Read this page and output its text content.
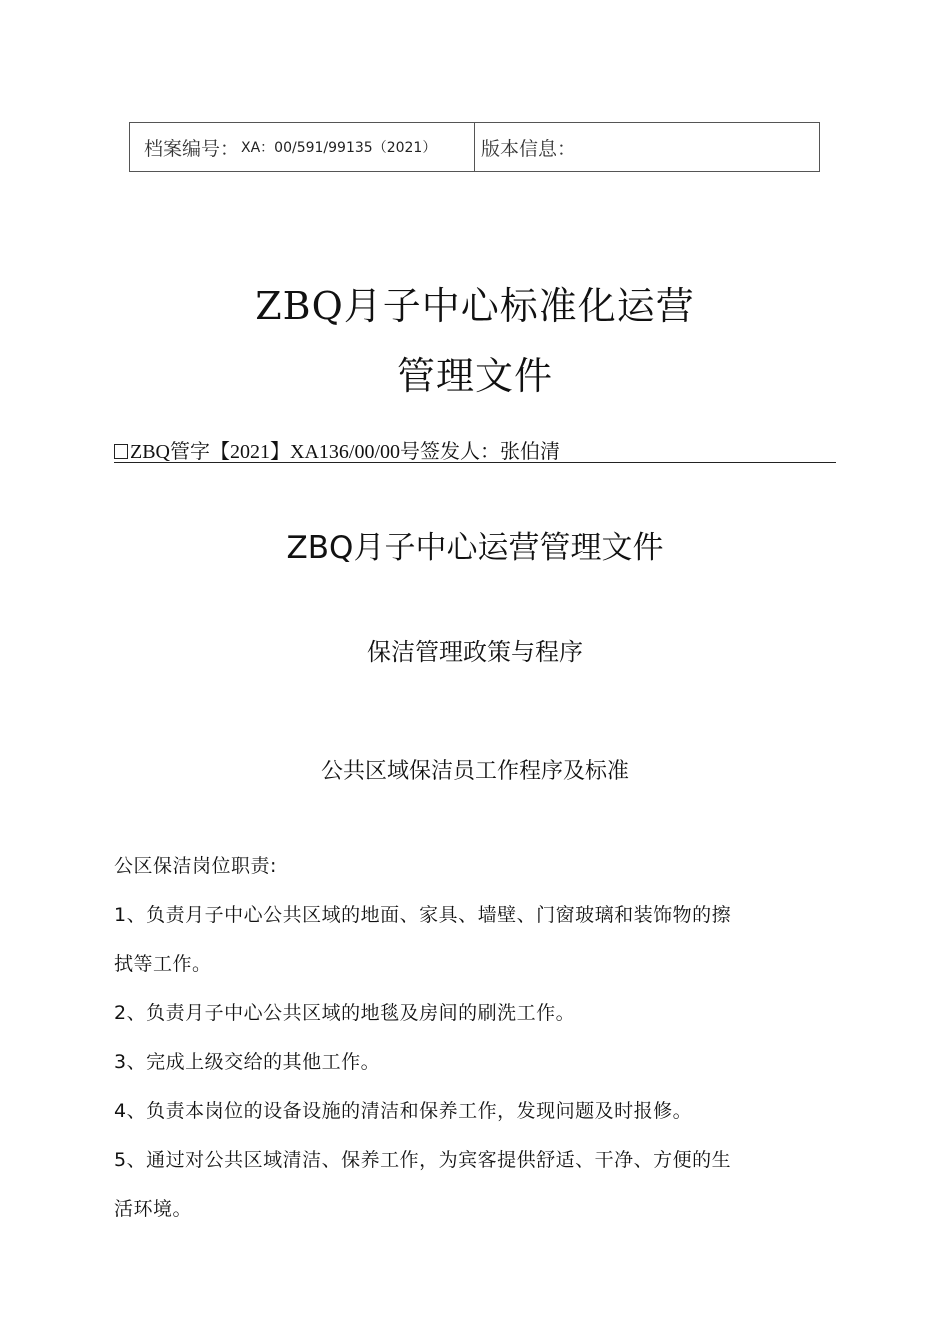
档案编号： XA：00/591/99135（2021） 版本信息：
ZBQ月子中心标准化运营
管理文件
ZBQ管字【2021】XA136/00/00号签发人：张伯清
ZBQ月子中心运营管理文件
保洁管理政策与程序
公共区域保洁员工作程序及标准

公区保洁岗位职责:

1、负责月子中心公共区域的地面、家具、墙壁、门窗玻璃和装饰物的擦

拭等工作。

2、负责月子中心公共区域的地毯及房间的刷洗工作。

3、完成上级交给的其他工作。

4、负责本岗位的设备设施的清洁和保养工作，发现问题及时报修。

5、通过对公共区域清洁、保养工作，为宾客提供舒适、干净、方便的生

活环境。
